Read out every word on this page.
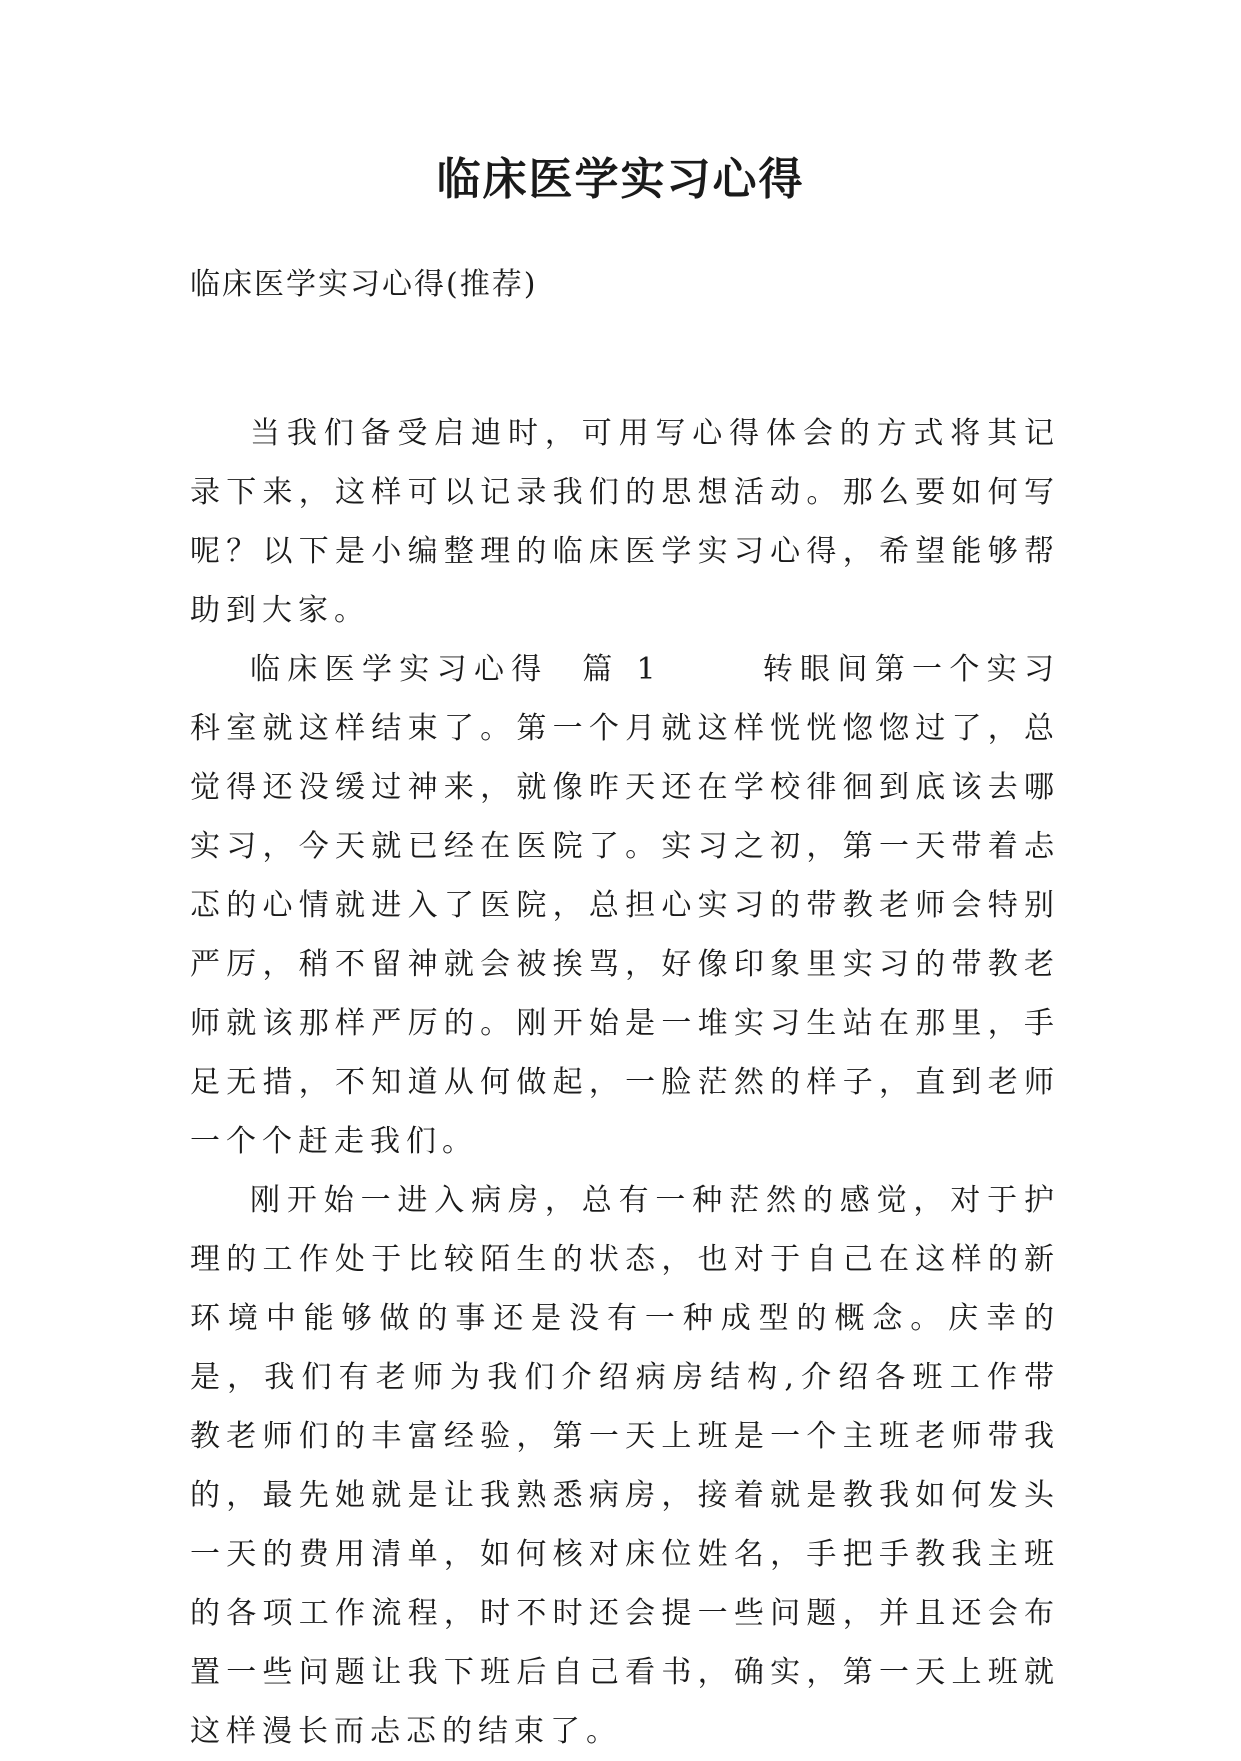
临床医学实习心得
临床医学实习心得(推荐)

当我们备受启迪时，可用写心得体会的方式将其记录下来，这样可以记录我们的思想活动。那么要如何写呢？以下是小编整理的临床医学实习心得，希望能够帮助到大家。

临床医学实习心得  篇 1      转眼间第一个实习科室就这样结束了。第一个月就这样恍恍惚惚过了，总觉得还没缓过神来，就像昨天还在学校徘徊到底该去哪实习，今天就已经在医院了。实习之初，第一天带着忐忑的心情就进入了医院，总担心实习的带教老师会特别严厉，稍不留神就会被挨骂，好像印象里实习的带教老师就该那样严厉的。刚开始是一堆实习生站在那里，手足无措，不知道从何做起，一脸茫然的样子，直到老师一个个赶走我们。

刚开始一进入病房，总有一种茫然的感觉，对于护理的工作处于比较陌生的状态，也对于自己在这样的新环境中能够做的事还是没有一种成型的概念。庆幸的是，我们有老师为我们介绍病房结构,介绍各班工作带教老师们的丰富经验，第一天上班是一个主班老师带我的，最先她就是让我熟悉病房，接着就是教我如何发头一天的费用清单，如何核对床位姓名，手把手教我主班的各项工作流程，时不时还会提一些问题，并且还会布置一些问题让我下班后自己看书，确实，第一天上班就这样漫长而忐忑的结束了。
